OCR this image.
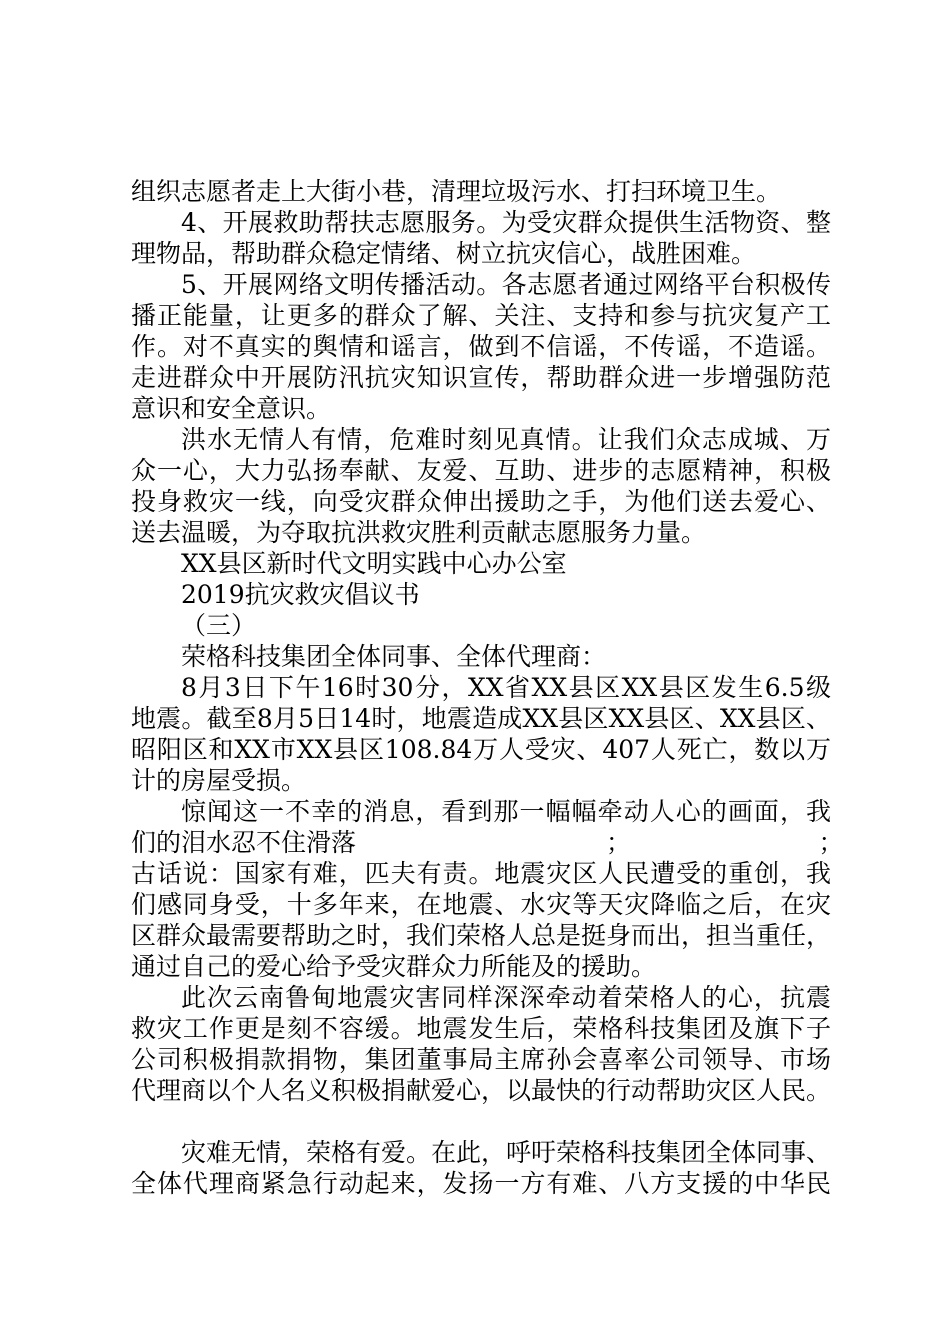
组织志愿者走上大街小巷，清理垃圾污水、打扫环境卫生。
4、开展救助帮扶志愿服务。为受灾群众提供生活物资、整
理物品，帮助群众稳定情绪、树立抗灾信心，战胜困难。
5、开展网络文明传播活动。各志愿者通过网络平台积极传
播正能量，让更多的群众了解、关注、支持和参与抗灾复产工
作。对不真实的舆情和谣言，做到不信谣，不传谣，不造谣。
走进群众中开展防汛抗灾知识宣传，帮助群众进一步增强防范
意识和安全意识。
洪水无情人有情，危难时刻见真情。让我们众志成城、万
众一心，大力弘扬奉献、友爱、互助、进步的志愿精神，积极
投身救灾一线，向受灾群众伸出援助之手，为他们送去爱心、
送去温暖，为夺取抗洪救灾胜利贡献志愿服务力量。
XX县区新时代文明实践中心办公室
2019抗灾救灾倡议书
（三）
荣格科技集团全体同事、全体代理商：
8月3日下午16时30分，XX省XX县区XX县区发生6.5级
地震。截至8月5日14时，地震造成XX县区XX县区、XX县区、
昭阳区和XX市XX县区108.84万人受灾、407人死亡，数以万
计的房屋受损。
惊闻这一不幸的消息，看到那一幅幅牵动人心的画面，我
们的泪水忍不住滑落　　　　　　　　　　；　　　　　　　　；
古话说：国家有难，匹夫有责。地震灾区人民遭受的重创，我
们感同身受，十多年来，在地震、水灾等天灾降临之后，在灾
区群众最需要帮助之时，我们荣格人总是挺身而出，担当重任，
通过自己的爱心给予受灾群众力所能及的援助。
此次云南鲁甸地震灾害同样深深牵动着荣格人的心，抗震
救灾工作更是刻不容缓。地震发生后，荣格科技集团及旗下子
公司积极捐款捐物，集团董事局主席孙会喜率公司领导、市场
代理商以个人名义积极捐献爱心，以最快的行动帮助灾区人民。
灾难无情，荣格有爱。在此，呼吁荣格科技集团全体同事、
全体代理商紧急行动起来，发扬一方有难、八方支援的中华民
